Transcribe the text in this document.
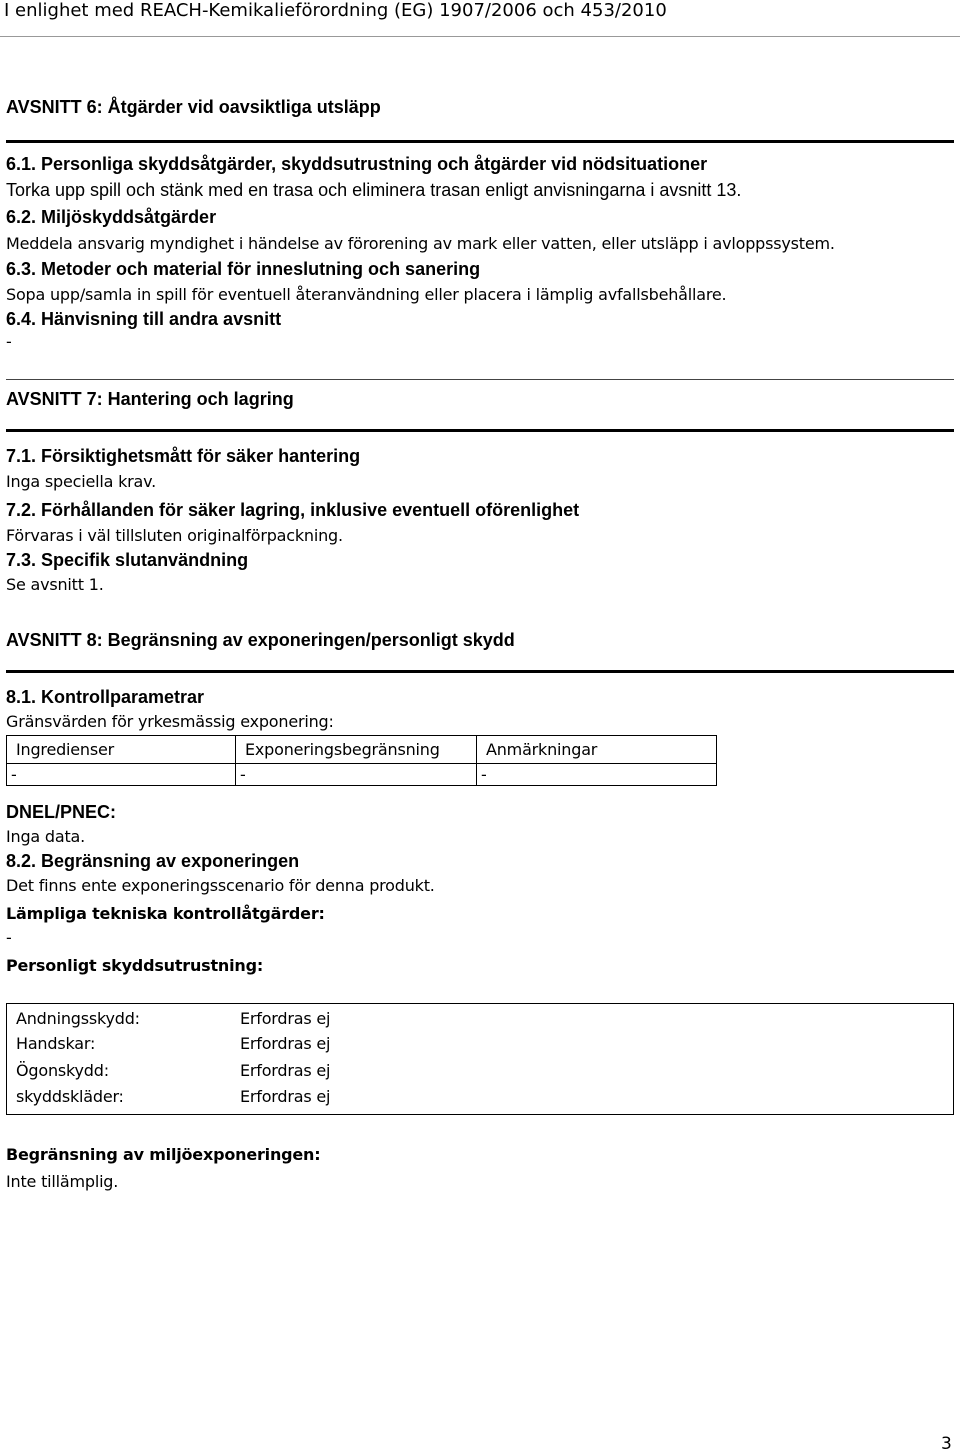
I enlighet med REACH-Kemikalieförordning (EG) 1907/2006 och 453/2010
AVSNITT 6: Åtgärder vid oavsiktliga utsläpp
6.1. Personliga skyddsåtgärder, skyddsutrustning och åtgärder vid nödsituationer
Torka upp spill och stänk med en trasa och eliminera trasan enligt anvisningarna i avsnitt 13.
6.2. Miljöskyddsåtgärder
Meddela ansvarig myndighet i händelse av förorening av mark eller vatten, eller utsläpp i avloppssystem.
6.3. Metoder och material för inneslutning och sanering
Sopa upp/samla in spill för eventuell återanvändning eller placera i lämplig avfallsbehållare.
6.4. Hänvisning till andra avsnitt
-
AVSNITT 7: Hantering och lagring
7.1. Försiktighetsmått för säker hantering
Inga speciella krav.
7.2. Förhållanden för säker lagring, inklusive eventuell oförenlighet
Förvaras i väl tillsluten originalförpackning.
7.3. Specifik slutanvändning
Se avsnitt 1.
AVSNITT 8: Begränsning av exponeringen/personligt skydd
8.1. Kontrollparametrar
Gränsvärden för yrkesmässig exponering:
Ingredienser	Exponeringsbegränsning	Anmärkningar
-	-	-
DNEL/PNEC:
Inga data.
8.2. Begränsning av exponeringen
Det finns ente exponeringsscenario för denna produkt.
Lämpliga tekniska kontrollåtgärder:
-
Personligt skyddsutrustning:
Andningsskydd:	Erfordras ej
Handskar:	Erfordras ej
Ögonskydd:	Erfordras ej
skyddskläder:	Erfordras ej
Begränsning av miljöexponeringen:
Inte tillämplig.
3
